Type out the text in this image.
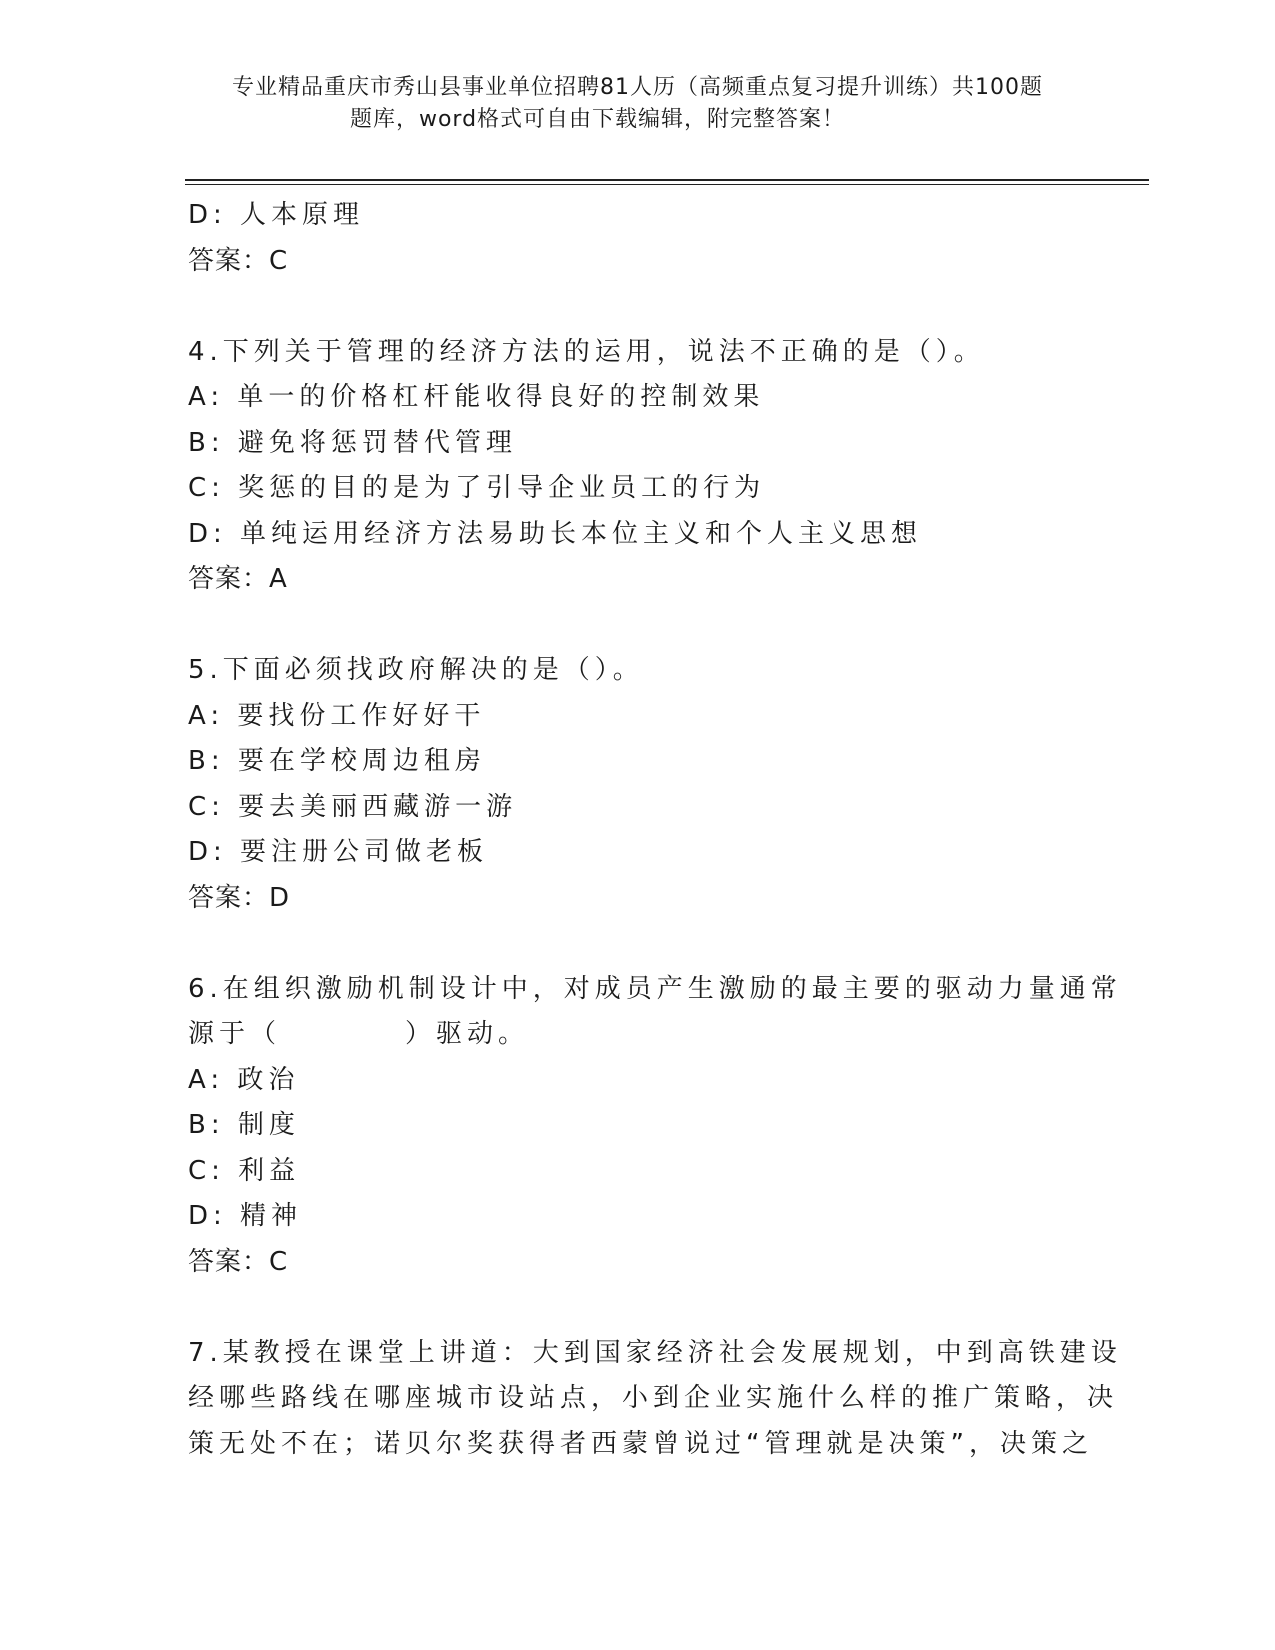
专业精品重庆市秀山县事业单位招聘81人历（高频重点复习提升训练）共100题
题库，word格式可自由下载编辑，附完整答案！
D: 人本原理
答案：C
4.下列关于管理的经济方法的运用，说法不正确的是（）。
A: 单一的价格杠杆能收得良好的控制效果
B: 避免将惩罚替代管理
C: 奖惩的目的是为了引导企业员工的行为
D: 单纯运用经济方法易助长本位主义和个人主义思想
答案：A
5.下面必须找政府解决的是（）。
A: 要找份工作好好干
B: 要在学校周边租房
C: 要去美丽西藏游一游
D: 要注册公司做老板
答案：D
6.在组织激励机制设计中，对成员产生激励的最主要的驱动力量通常
源于（　　　　）驱动。
A: 政治
B: 制度
C: 利益
D: 精神
答案：C
7.某教授在课堂上讲道：大到国家经济社会发展规划，中到高铁建设
经哪些路线在哪座城市设站点，小到企业实施什么样的推广策略，决
策无处不在；诺贝尔奖获得者西蒙曾说过“管理就是决策”，决策之
